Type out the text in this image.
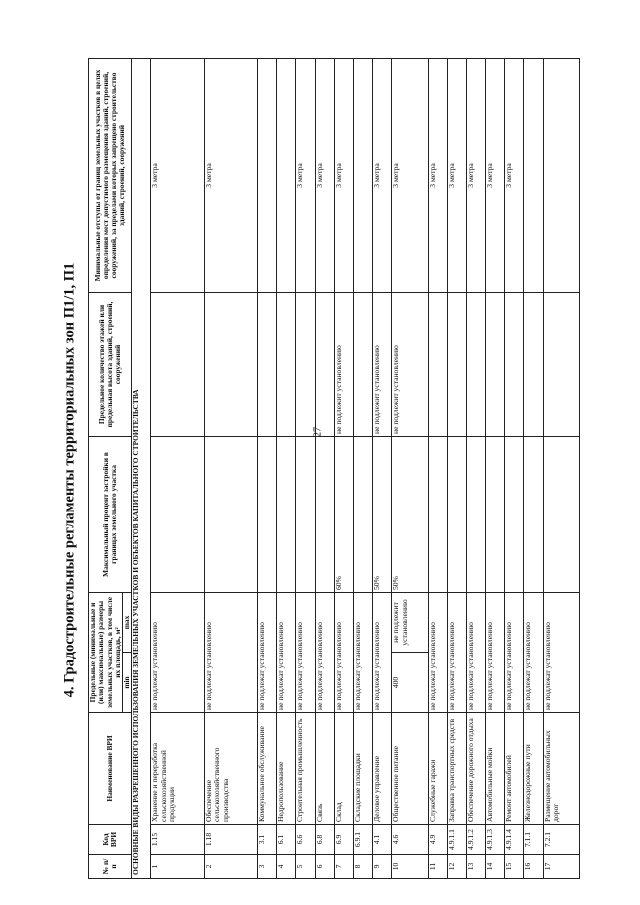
27
4. Градостроительные регламенты территориальных зон П1/1, П1
№ п/п	Код ВРИ	Наименование ВРИ	Предельные (минимальные и (или) максимальные) размеры земельных участков, в том числе их площадь, м²		Максимальный процент застройки в границах земельного участка	Предельное количество этажей или предельная высота зданий, строений, сооружений	Минимальные отступы от границ земельных участков в целях определения мест допустимого размещения зданий, строений, сооружений, за пределами которых запрещено строительство зданий, строений, сооружений
			min	max			
ОСНОВНЫЕ ВИДЫ РАЗРЕШЕННОГО ИСПОЛЬЗОВАНИЯ ЗЕМЕЛЬНЫХ УЧАСТКОВ И ОБЪЕКТОВ КАПИТАЛЬНОГО СТРОИТЕЛЬСТВА							
1	1.15	Хранение и переработка сельскохозяйственной продукции	не подлежат установлению				3 метра
2	1.18	Обеспечение сельскохозяйственного производства	не подлежат установлению				3 метра
3	3.1	Коммунальное обслуживание	не подлежат установлению				
4	6.1	Недропользование	не подлежат установлению				
5	6.6	Строительная промышленность	не подлежат установлению				3 метра
6	6.8	Связь	не подлежат установлению				3 метра
7	6.9	Склад	не подлежат установлению		60%	не подлежит установлению	3 метра
8	6.9.1	Складские площадки	не подлежат установлению				
9	4.1	Деловое управление	не подлежат установлению		50%	не подлежит установлению	3 метра
10	4.6	Общественное питание	400	не подлежит установлению	50%	не подлежит установлению	3 метра
11	4.9	Служебные гаражи	не подлежат установлению				3 метра
12	4.9.1.1	Заправка транспортных средств	не подлежат установлению				3 метра
13	4.9.1.2	Обеспечение дорожного отдыха	не подлежат установлению				3 метра
14	4.9.1.3	Автомобильные мойки	не подлежат установлению				3 метра
15	4.9.1.4	Ремонт автомобилей	не подлежат установлению				3 метра
16	7.1.1	Железнодорожные пути	не подлежат установлению				
17	7.2.1	Размещение автомобильных дорог	не подлежат установлению				
